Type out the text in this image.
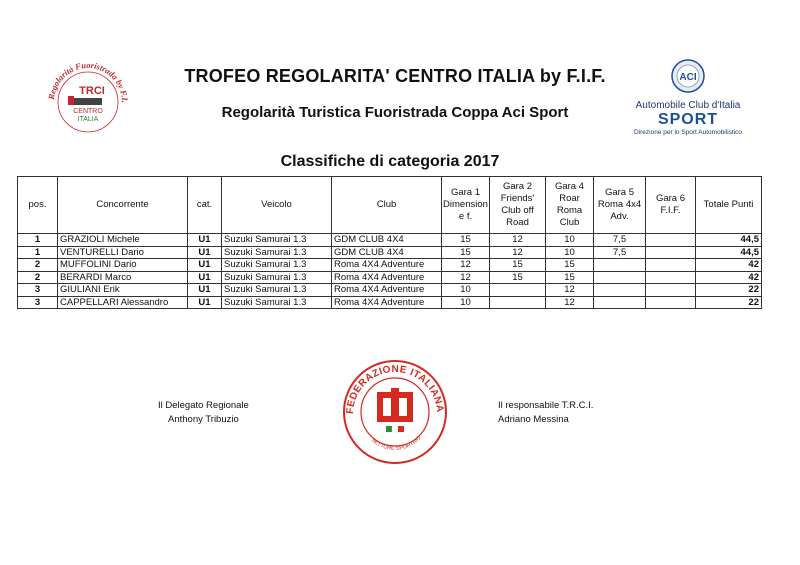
Regolarità Fuoristrada by F.I.
TRCI
CENTRO
ITALIA
TROFEO REGOLARITA' CENTRO ITALIA by F.I.F.
Regolarità Turistica Fuoristrada Coppa Aci Sport
Classifiche di categoria 2017
ACI
Automobile Club d'Italia
SPORT
Direzione per lo Sport Automobilistico
pos.	Concorrente	cat.	Veicolo	Club	Gara 1 Dimension e f.	Gara 2 Friends' Club off Road	Gara 4 Roar Roma Club	Gara 5 Roma 4x4 Adv.	Gara 6 F.I.F.	Totale Punti
1	GRAZIOLI Michele	U1	Suzuki Samurai 1.3	GDM CLUB 4X4	15	12	10	7,5		44,5
1	VENTURELLI Dario	U1	Suzuki Samurai 1.3	GDM CLUB 4X4	15	12	10	7,5		44,5
2	MUFFOLINI Dario	U1	Suzuki Samurai 1.3	Roma 4X4 Adventure	12	15	15			42
2	BERARDI Marco	U1	Suzuki Samurai 1.3	Roma 4X4 Adventure	12	15	15			42
3	GIULIANI Erik	U1	Suzuki Samurai 1.3	Roma 4X4 Adventure	10		12			22
3	CAPPELLARI Alessandro	U1	Suzuki Samurai 1.3	Roma 4X4 Adventure	10		12			22
Il Delegato Regionale
Anthony Tribuzio
Il responsabile T.R.C.I.
Adriano Messina
FEDERAZIONE ITALIANA
SETTORE SPORTIVO
